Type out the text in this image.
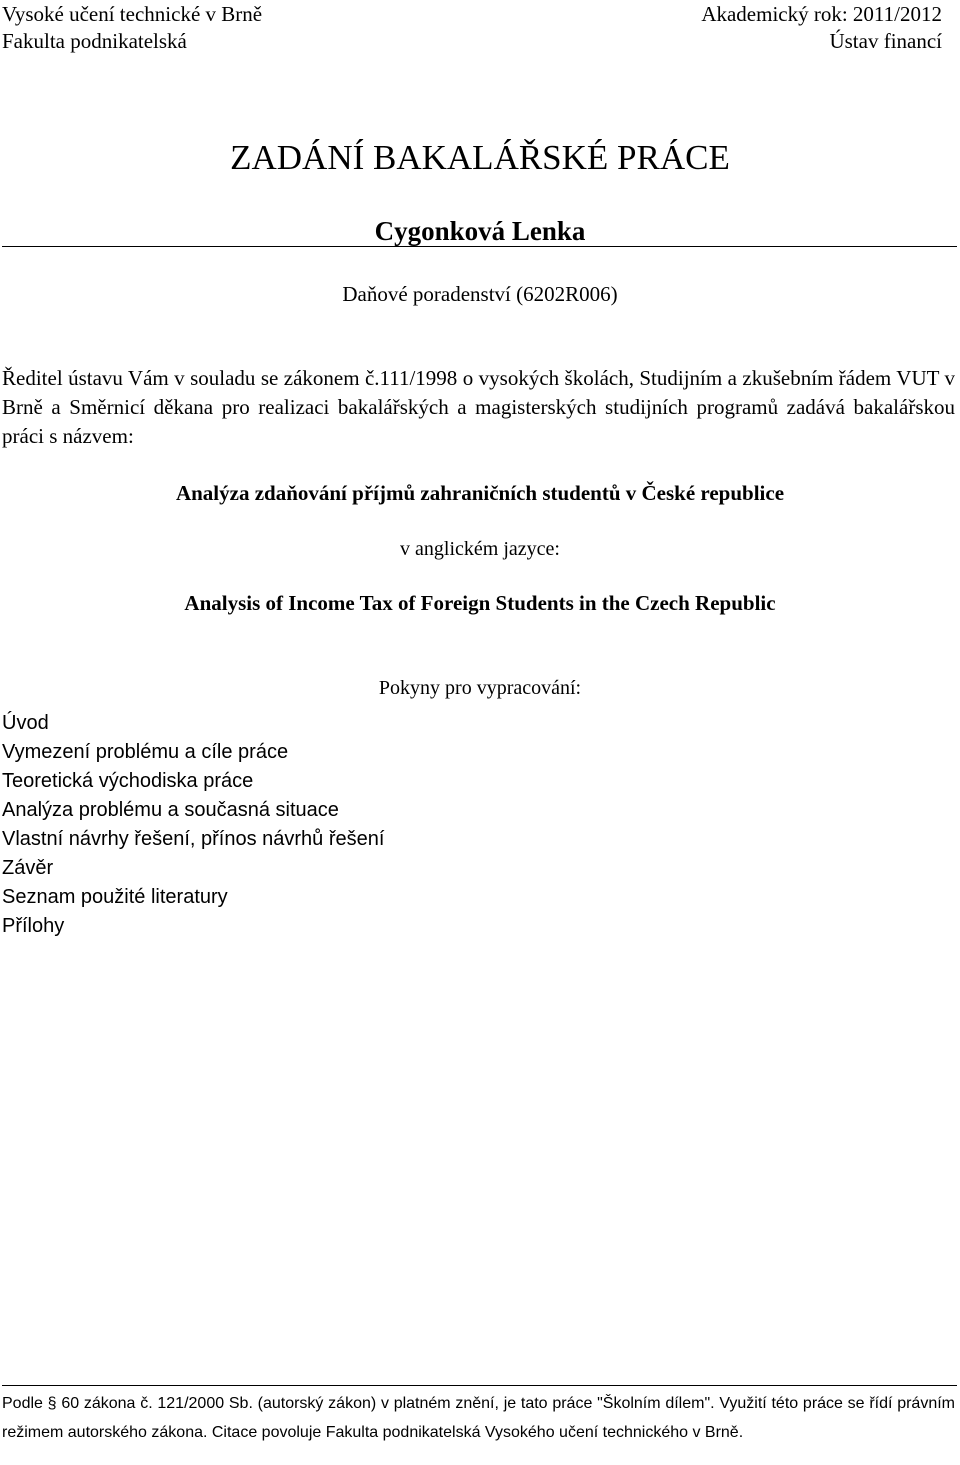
Vysoké učení technické v Brně
Fakulta podnikatelská
Akademický rok: 2011/2012
Ústav financí
ZADÁNÍ BAKALÁŘSKÉ PRÁCE
Cygonková Lenka
Daňové poradenství (6202R006)
Ředitel ústavu Vám v souladu se zákonem č.111/1998 o vysokých školách, Studijním a zkušebním řádem VUT v Brně a Směrnicí děkana pro realizaci bakalářských a magisterských studijních programů zadává bakalářskou práci s názvem:
Analýza zdaňování příjmů zahraničních studentů v České republice
v anglickém jazyce:
Analysis of Income Tax of Foreign Students in the Czech Republic
Pokyny pro vypracování:
Úvod
Vymezení problému a cíle práce
Teoretická východiska práce
Analýza problému a současná situace
Vlastní návrhy řešení, přínos návrhů řešení
Závěr
Seznam použité literatury
Přílohy
Podle § 60 zákona č. 121/2000 Sb. (autorský zákon) v platném znění, je tato práce "Školním dílem". Využití této práce se řídí právním režimem autorského zákona. Citace povoluje Fakulta podnikatelská Vysokého učení technického v Brně.
